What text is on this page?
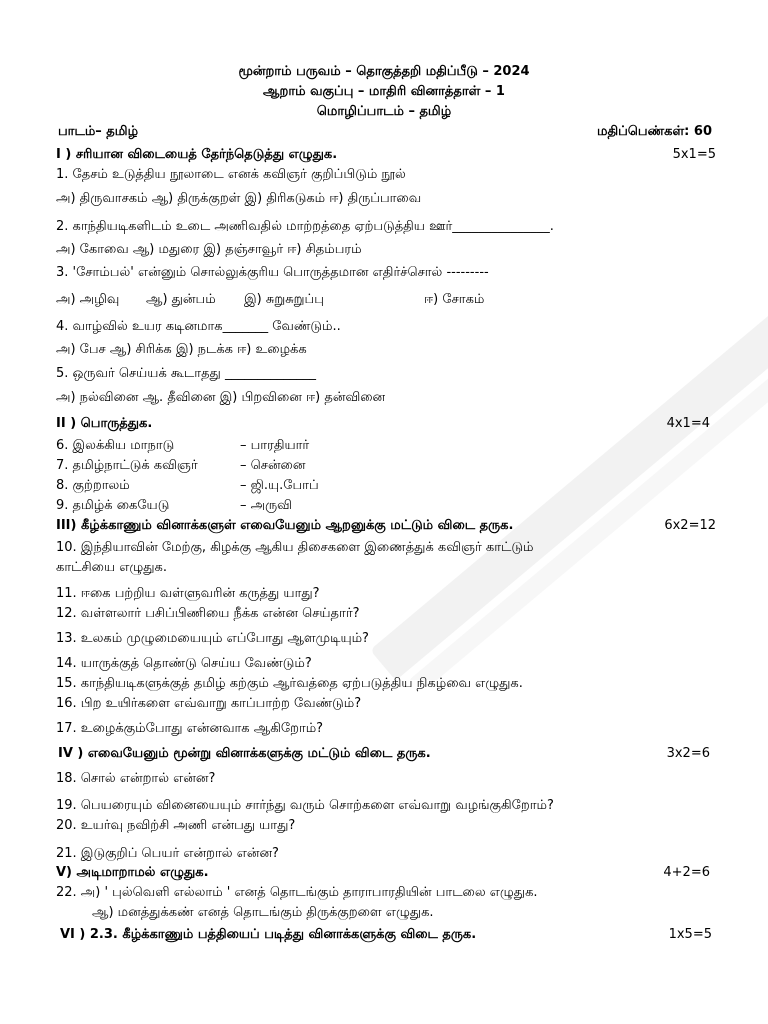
மூன்றாம் பருவம் – தொகுத்தறி மதிப்பீடு – 2024
ஆறாம் வகுப்பு – மாதிரி வினாத்தாள் – 1
மொழிப்பாடம் – தமிழ்
பாடம்– தமிழ்	மதிப்பெண்கள்: 60
I ) சரியான விடையைத் தேர்ந்தெடுத்து எழுதுக.	5x1=5
1. தேசம் உடுத்திய நூலாடை எனக் கவிஞர் குறிப்பிடும் நூல்
அ) திருவாசகம் ஆ) திருக்குறள் இ) திரிகடுகம் ஈ) திருப்பாவை
2. காந்தியடிகளிடம் உடை அணிவதில் மாற்றத்தை ஏற்படுத்திய ஊர்_______________.
அ) கோவை ஆ) மதுரை இ) தஞ்சாவூர் ஈ) சிதம்பரம்
3. 'சோம்பல்' என்னும் சொல்லுக்குரிய பொருத்தமான எதிர்ச்சொல் ---------
அ) அழிவு ஆ) துன்பம் இ) சுறுசுறுப்பு	ஈ) சோகம்
4. வாழ்வில் உயர கடினமாக_______ வேண்டும்..
அ) பேச ஆ) சிரிக்க இ) நடக்க ஈ) உழைக்க
5. ஒருவர் செய்யக் கூடாதது ______________
அ) நல்வினை ஆ. தீவினை இ) பிறவினை ஈ) தன்வினை
II ) பொருத்துக.	4x1=4
6. இலக்கிய மாநாடு	– பாரதியார்
7. தமிழ்நாட்டுக் கவிஞர்	– சென்னை
8. குற்றாலம்	– ஜி.யு.போப்
9. தமிழ்க் கையேடு	– அருவி
III) கீழ்க்காணும் வினாக்களுள் எவையேனும் ஆறனுக்கு மட்டும் விடை தருக.	6x2=12
10. இந்தியாவின் மேற்கு, கிழக்கு ஆகிய திசைகளை இணைத்துக் கவிஞர் காட்டும்
காட்சியை எழுதுக.
11. ஈகை பற்றிய வள்ளுவரின் கருத்து யாது?
12. வள்ளலார் பசிப்பிணியை நீக்க என்ன செய்தார்?
13. உலகம் முழுமையையும் எப்போது ஆளமுடியும்?
14. யாருக்குத் தொண்டு செய்ய வேண்டும்?
15. காந்தியடிகளுக்குத் தமிழ் கற்கும் ஆர்வத்தை ஏற்படுத்திய நிகழ்வை எழுதுக.
16. பிற உயிர்களை எவ்வாறு காப்பாற்ற வேண்டும்?
17. உழைக்கும்போது என்னவாக ஆகிறோம்?
IV ) எவையேனும் மூன்று வினாக்களுக்கு மட்டும் விடை தருக.	3x2=6
18. சொல் என்றால் என்ன?
19. பெயரையும் வினையையும் சார்ந்து வரும் சொற்களை எவ்வாறு வழங்குகிறோம்?
20. உயர்வு நவிற்சி அணி என்பது யாது?
21. இடுகுறிப் பெயர் என்றால் என்ன?
V) அடிமாறாமல் எழுதுக.	4+2=6
22. அ) ' புல்வெளி எல்லாம் ' எனத் தொடங்கும் தாராபாரதியின் பாடலை எழுதுக.
ஆ) மனத்துக்கண் எனத் தொடங்கும் திருக்குறளை எழுதுக.
VI ) 2.3. கீழ்க்காணும் பத்தியைப் படித்து வினாக்களுக்கு விடை தருக.	1x5=5
